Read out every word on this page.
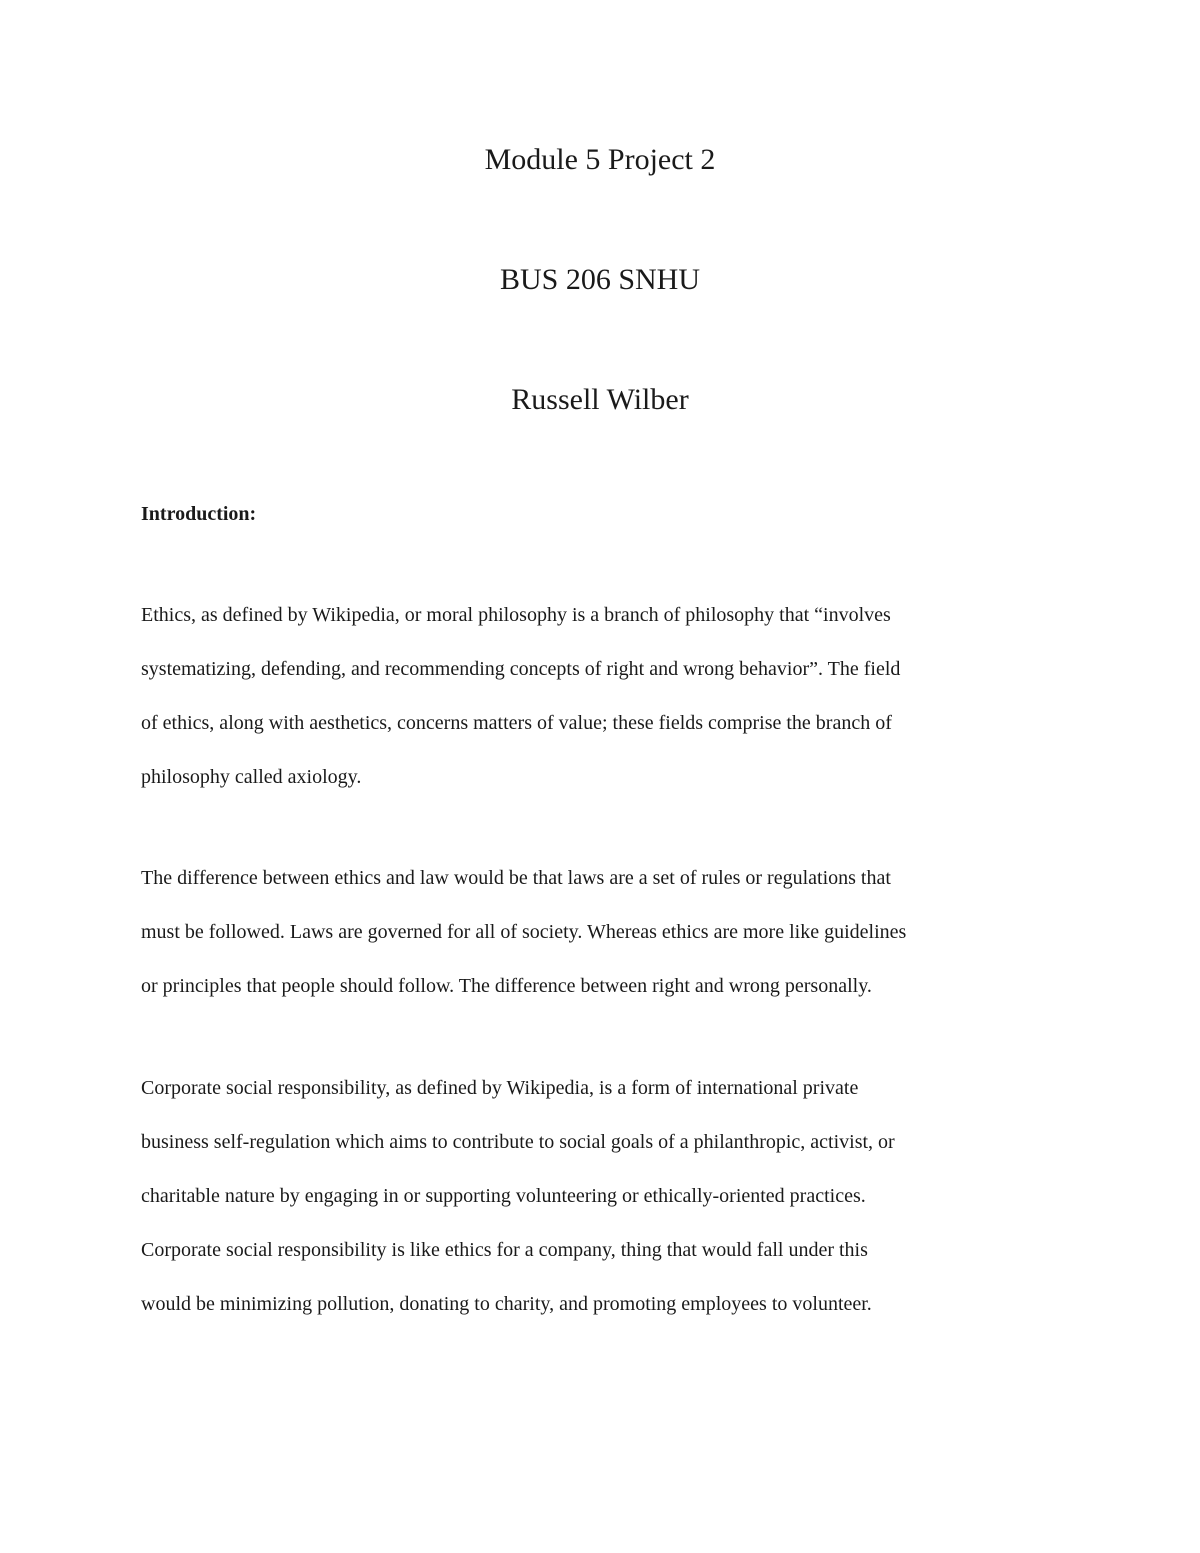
Module 5 Project 2
BUS 206 SNHU
Russell Wilber
Introduction:

Ethics, as defined by Wikipedia, or moral philosophy is a branch of philosophy that “involves
systematizing, defending, and recommending concepts of right and wrong behavior”. The field
of ethics, along with aesthetics, concerns matters of value; these fields comprise the branch of
philosophy called axiology.

The difference between ethics and law would be that laws are a set of rules or regulations that
must be followed. Laws are governed for all of society. Whereas ethics are more like guidelines
or principles that people should follow. The difference between right and wrong personally.

Corporate social responsibility, as defined by Wikipedia, is a form of international private
business self-regulation which aims to contribute to social goals of a philanthropic, activist, or
charitable nature by engaging in or supporting volunteering or ethically-oriented practices.
Corporate social responsibility is like ethics for a company, thing that would fall under this
would be minimizing pollution, donating to charity, and promoting employees to volunteer.
